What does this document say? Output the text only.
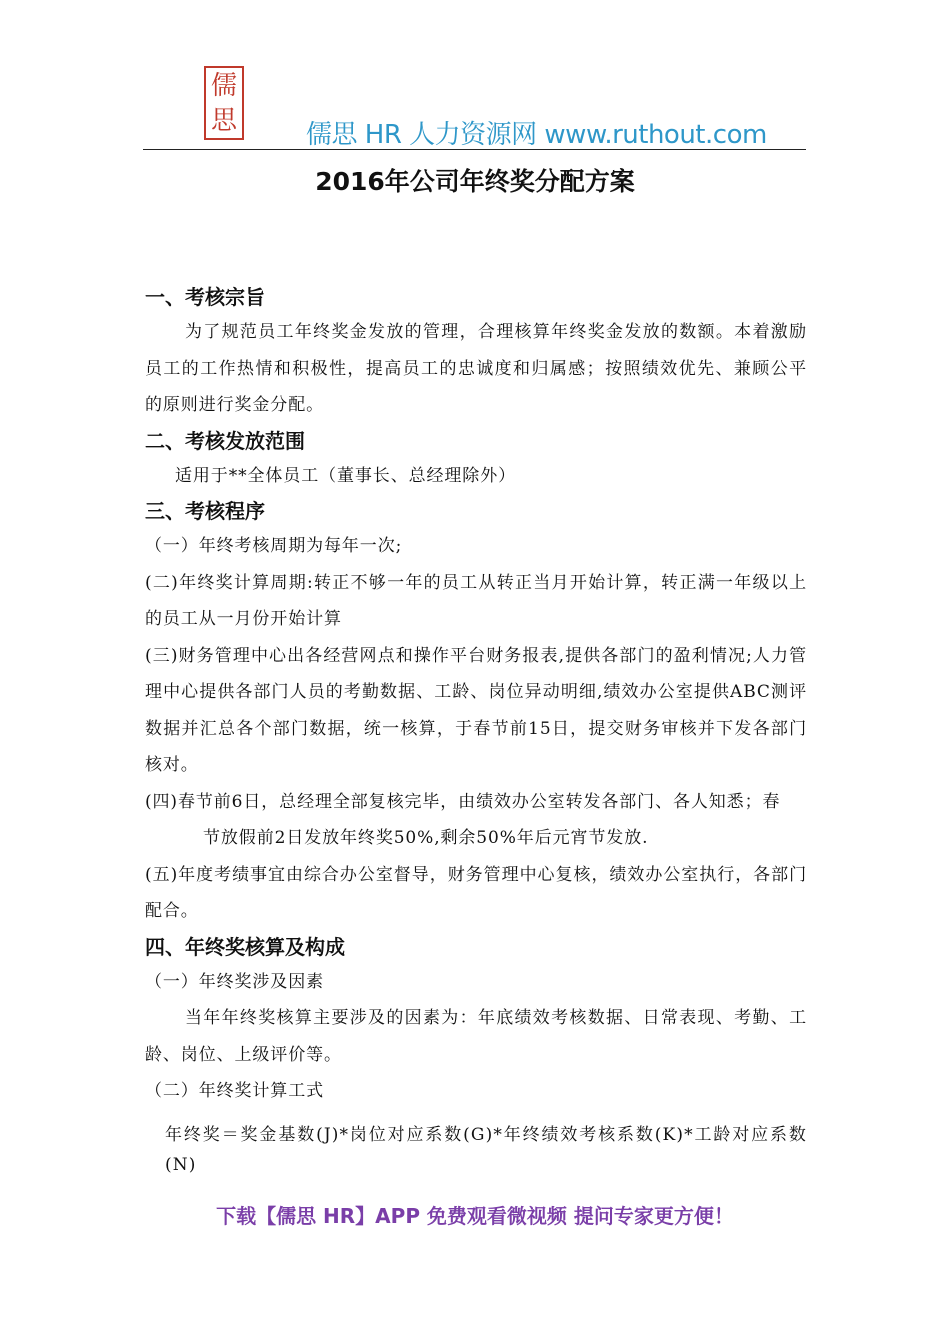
儒
思	儒思 HR 人力资源网 www.ruthout.com
2016年公司年终奖分配方案
一、考核宗旨

为了规范员工年终奖金发放的管理，合理核算年终奖金发放的数额。本着激励员工的工作热情和积极性，提高员工的忠诚度和归属感；按照绩效优先、兼顾公平的原则进行奖金分配。

二、考核发放范围

适用于**全体员工（董事长、总经理除外）

三、考核程序

（一）年终考核周期为每年一次;

(二)年终奖计算周期:转正不够一年的员工从转正当月开始计算，转正满一年级以上的员工从一月份开始计算

(三)财务管理中心出各经营网点和操作平台财务报表,提供各部门的盈利情况;人力管理中心提供各部门人员的考勤数据、工龄、岗位异动明细,绩效办公室提供ABC测评数据并汇总各个部门数据，统一核算，于春节前15日，提交财务审核并下发各部门核对。

(四)春节前6日，总经理全部复核完毕，由绩效办公室转发各部门、各人知悉；春

节放假前2日发放年终奖50%,剩余50%年后元宵节发放.

(五)年度考绩事宜由综合办公室督导，财务管理中心复核，绩效办公室执行，各部门配合。

四、年终奖核算及构成

（一）年终奖涉及因素

当年年终奖核算主要涉及的因素为：年底绩效考核数据、日常表现、考勤、工龄、岗位、上级评价等。

（二）年终奖计算工式

年终奖＝奖金基数(J)*岗位对应系数(G)*年终绩效考核系数(K)*工龄对应系数(N)

下载【儒思 HR】APP 免费观看微视频 提问专家更方便！
